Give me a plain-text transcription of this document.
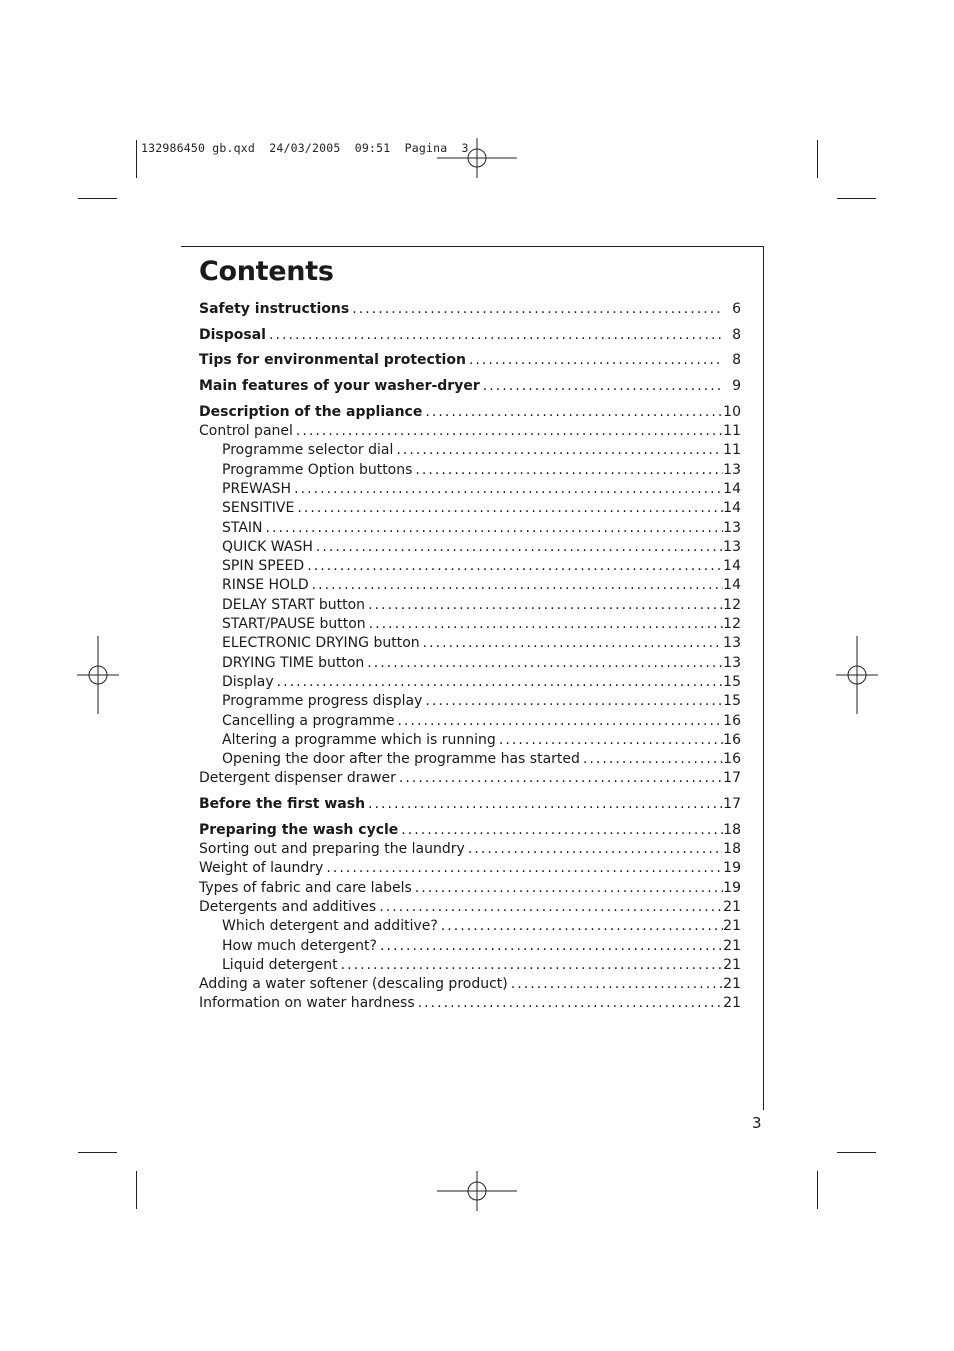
132986450 gb.qxd  24/03/2005  09:51  Pagina  3
Contents
Safety instructions . . .	6
Disposal . . .	8
Tips for environmental protection . . .	8
Main features of your washer-dryer . . .	9
Description of the appliance . . .	10
Control panel . . .	11
Programme selector dial . . .	11
Programme Option buttons . . .	13
PREWASH . . .	14
SENSITIVE . . .	14
STAIN . . .	13
QUICK WASH . . .	13
SPIN SPEED . . .	14
RINSE HOLD . . .	14
DELAY START button . . .	12
START/PAUSE button . . .	12
ELECTRONIC DRYING button . . .	13
DRYING TIME button . . .	13
Display . . .	15
Programme progress display . . .	15
Cancelling a programme . . .	16
Altering a programme which is running . . .	16
Opening the door after the programme has started . . .	16
Detergent dispenser drawer . . .	17
Before the first wash . . .	17
Preparing the wash cycle . . .	18
Sorting out and preparing the laundry . . .	18
Weight of laundry . . .	19
Types of fabric and care labels . . .	19
Detergents and additives . . .	21
Which detergent and additive? . . .	21
How much detergent? . . .	21
Liquid detergent . . .	21
Adding a water softener (descaling product) . . .	21
Information on water hardness . . .	21
3
